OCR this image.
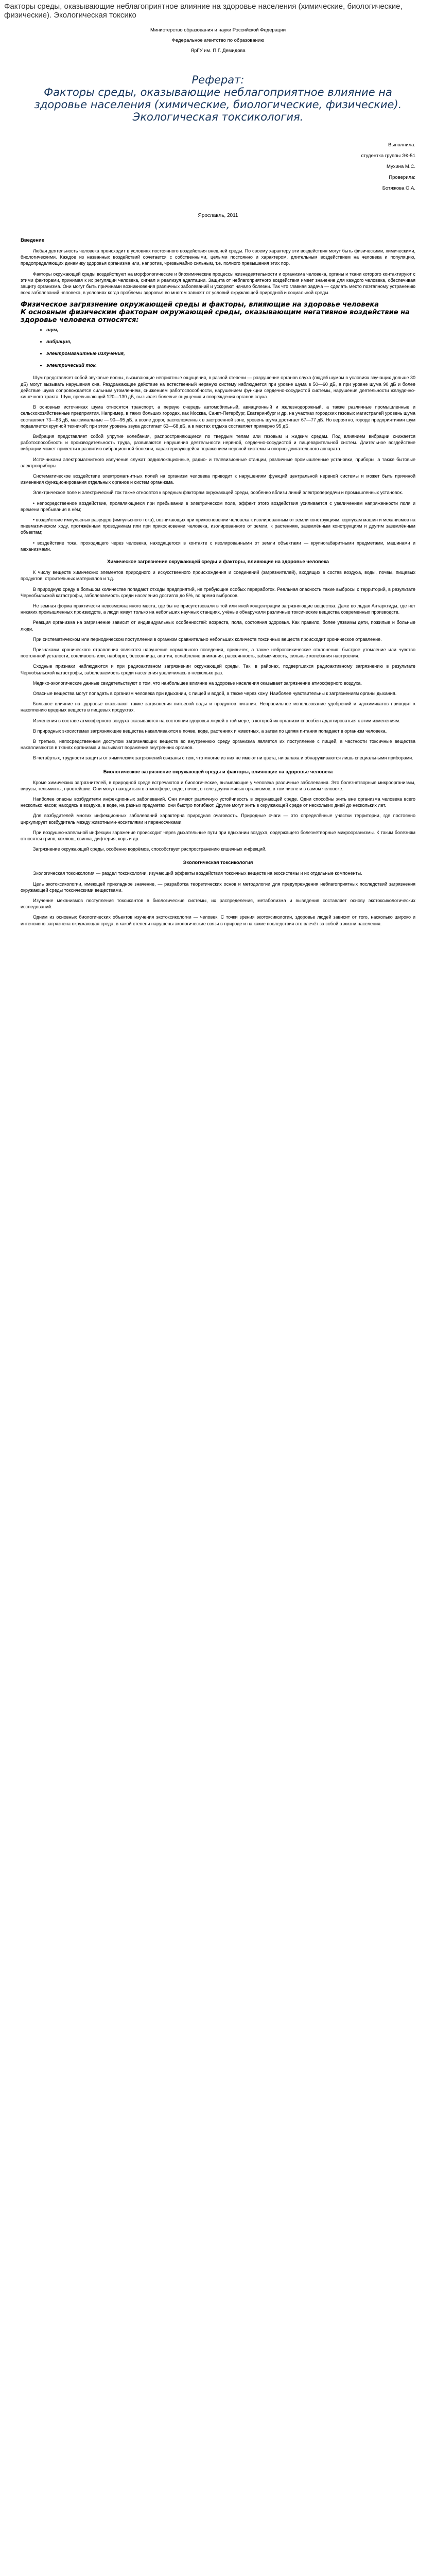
Факторы среды, оказывающие неблагоприятное влияние на здоровье населения (химические, биологические, физические). Экологическая токсико

Министерство образования и науки Российской Федерации

Федеральное агентство по образованию

ЯрГУ им. П.Г. Демидова

Реферат:

Факторы среды, оказывающие неблагоприятное влияние на здоровье населения (химические, биологические, физические). Экологическая токсикология.

Выполнила:

студентка группы ЭК-51

Мухина М.С.

Проверила:

Ботяжова О.А.

Ярославль, 2011

Введение

Любая деятельность человека происходит в условиях постоянного воздействия внешней среды. По своему характеру эти воздействия могут быть физическими, химическими, биологическими. Каждое из названных воздействий сочетается с собственными, целыми постоянно и характером, длительным воздействием на человека и популяцию, предопределяющих динамику здоровья организма или, напротив, чрезвычайно сильным, т.е. полного превышения этих пор.

Факторы окружающей среды воздействуют на морфологические и биохимические процессы жизнедеятельности и организма человека, органы и ткани которого контактируют с этими факторами, принимая к их регуляции человека, сигнал и реализуя адаптации. Защита от неблагоприятного воздействия имеет значение для каждого человека, обеспечивая защиту организма. Они могут быть причинами возникновения различных заболеваний и ускоряют начало болезни. Так что главная задача — сделать место поэтапному устранению всех заболеваний человека, в условиях когда проблемы здоровья во многом зависят от условий окружающей природной и социальной среды.

Физическое загрязнение окружающей среды и факторы, влияющие на здоровье человека

К основным физическим факторам окружающей среды, оказывающим негативное воздействие на здоровье человека относятся:

• шум,
• вибрация,
• электромагнитные излучения,
• электрический ток.

Шум представляет собой звуковые волны, вызывающие неприятные ощущения, в разной степени — разрушение органов слуха (людей шумом в условиях звучащих дольше 30 дБ) могут вызывать нарушения сна. Раздражающее действие на естественный нервную систему наблюдается при уровне шума в 50—60 дБ, а при уровне шума 90 дБ и более действие шума сопровождается сильным утомлением, снижением работоспособности, нарушением функции сердечно-сосудистой системы, нарушения деятельности желудочно-кишечного тракта. Шум, превышающий 120—130 дБ, вызывает болевые ощущения и повреждения органов слуха.

В основных источниках шума относятся транспорт, а первую очередь автомобильный, авиационный и железнодорожный, а также различные промышленные и сельскохозяйственные предприятия. Например, в таких больших городах, как Москва, Санкт-Петербург, Екатеринбург и др. на участках городских газовых магистралей уровень шума составляет 73—83 дБ, максимальные — 90—95 дБ, а возле дорог, расположенных в застроенной зоне, уровень шума достигает 67—77 дБ. Но вероятно, городе предприятиями шум подавляется крупной техникой; при этом уровень звука достигает 63—68 дБ, а в местах отдыха составляет примерно 95 дБ.

Вибрация представляет собой упругие колебания, распространяющиеся по твердым телам или газовым и жидким средам. Под влиянием вибрации снижается работоспособность и производительность труда, развиваются нарушения деятельности нервной, сердечно-сосудистой и пищеварительной систем. Длительное воздействие вибрации может привести к развитию вибрационной болезни, характеризующейся поражением нервной системы и опорно-двигательного аппарата.

Источниками электромагнитного излучения служат радиолокационные, радио- и телевизионные станции, различные промышленные установки, приборы, а также бытовые электроприборы.

Систематическое воздействие электромагнитных полей на организм человека приводит к нарушениям функций центральной нервной системы и может быть причиной изменения функционирования отдельных органов и систем организма.

Электрическое поле и электрический ток также относятся к вредным факторам окружающей среды, особенно вблизи линий электропередачи и промышленных установок.

• непосредственное воздействие, проявляющееся при пребывании в электрическом поле, эффект этого воздействия усиливается с увеличением напряженности поля и времени пребывания в нём;

• воздействие импульсных разрядов (импульсного тока), возникающих при прикосновении человека к изолированным от земли конструкциям, корпусам машин и механизмов на пневматическом ходу, протяжённым проводникам или при прикосновении человека, изолированного от земли, к растениям, заземлённым конструкциям и другим заземлённым объектам;

• воздействие тока, проходящего через человека, находящегося в контакте с изолированными от земли объектами — крупногабаритными предметами, машинами и механизмами.

Химическое загрязнение окружающей среды и факторы, влияющие на здоровье человека

К числу веществ химических элементов природного и искусственного происхождения и соединений (загрязнителей), входящих в состав воздуха, воды, почвы, пищевых продуктов, строительных материалов и т.д.

В природную среду в большом количестве попадают отходы предприятий, не требующие особых переработок. Реальная опасность такие выбросы с территорий, в результате Чернобыльской катастрофы, заболеваемость среди населения достигла до 5%, во время выбросов.

Не земная форма практически невозможна иного места, где бы не присутствовали в той или иной концентрации загрязняющие вещества. Даже во льдах Антарктиды, где нет никаких промышленных производств, а люди живут только на небольших научных станциях, учёные обнаружили различные токсические вещества современных производств.

Реакция организма на загрязнение зависит от индивидуальных особенностей: возраста, пола, состояния здоровья. Как правило, более уязвимы дети, пожилые и больные люди.

При систематическом или периодическом поступлении в организм сравнительно небольших количеств токсичных веществ происходит хроническое отравление.

Признаками хронического отравления являются нарушение нормального поведения, привычек, а также нейропсихические отклонения: быстрое утомление или чувство постоянной усталости, сонливость или, наоборот, бессонница, апатия, ослабление внимания, рассеянность, забывчивость, сильные колебания настроения.

Сходные признаки наблюдаются и при радиоактивном загрязнении окружающей среды. Так, в районах, подвергшихся радиоактивному загрязнению в результате Чернобыльской катастрофы, заболеваемость среди населения увеличилась в несколько раз.

Медико-экологические данные свидетельствуют о том, что наибольшее влияние на здоровье населения оказывает загрязнение атмосферного воздуха.

Опасные вещества могут попадать в организм человека при вдыхании, с пищей и водой, а также через кожу. Наиболее чувствительны к загрязнениям органы дыхания.

Большое влияние на здоровье оказывают также загрязнения питьевой воды и продуктов питания. Неправильное использование удобрений и ядохимикатов приводит к накоплению вредных веществ в пищевых продуктах.

Изменения в составе атмосферного воздуха сказываются на состоянии здоровья людей в той мере, в которой их организм способен адаптироваться к этим изменениям.

В природных экосистемах загрязняющие вещества накапливаются в почве, воде, растениях и животных, а затем по цепям питания попадают в организм человека.

В третьих, непосредственным доступом загрязняющих веществ во внутреннюю среду организма является их поступление с пищей, в частности токсичные вещества накапливаются в тканях организма и вызывают поражение внутренних органов.

В-четвёртых, трудности защиты от химических загрязнений связаны с тем, что многие из них не имеют ни цвета, ни запаха и обнаруживаются лишь специальными приборами.

Биологическое загрязнение окружающей среды и факторы, влияющие на здоровье человека

Кроме химических загрязнителей, в природной среде встречаются и биологические, вызывающие у человека различные заболевания. Это болезнетворные микроорганизмы, вирусы, гельминты, простейшие. Они могут находиться в атмосфере, воде, почве, в теле других живых организмов, в том числе и в самом человеке.

Наиболее опасны возбудители инфекционных заболеваний. Они имеют различную устойчивость в окружающей среде. Одни способны жить вне организма человека всего несколько часов; находясь в воздухе, в воде, на разных предметах, они быстро погибают. Другие могут жить в окружающей среде от нескольких дней до нескольких лет.

Для возбудителей многих инфекционных заболеваний характерна природная очаговость. Природные очаги — это определённые участки территории, где постоянно циркулирует возбудитель между животными-носителями и переносчиками.

При воздушно-капельной инфекции заражение происходит через дыхательные пути при вдыхании воздуха, содержащего болезнетворные микроорганизмы. К таким болезням относятся грипп, коклюш, свинка, дифтерия, корь и др.

Загрязнение окружающей среды, особенно водоёмов, способствует распространению кишечных инфекций.

Экологическая токсикология

Экологическая токсикология — раздел токсикологии, изучающий эффекты воздействия токсичных веществ на экосистемы и их отдельные компоненты.

Цель экотоксикологии, имеющей прикладное значение, — разработка теоретических основ и методологии для предупреждения неблагоприятных последствий загрязнения окружающей среды токсическими веществами.

Изучение механизмов поступления токсикантов в биологические системы, их распределения, метаболизма и выведения составляет основу экотоксикологических исследований.

Одним из основных биологических объектов изучения экотоксикологии — человек. С точки зрения экотоксикологии, здоровье людей зависит от того, насколько широко и интенсивно загрязнена окружающая среда, в какой степени нарушены экологические связи в природе и на какие последствия это влечёт за собой в жизни населения.
